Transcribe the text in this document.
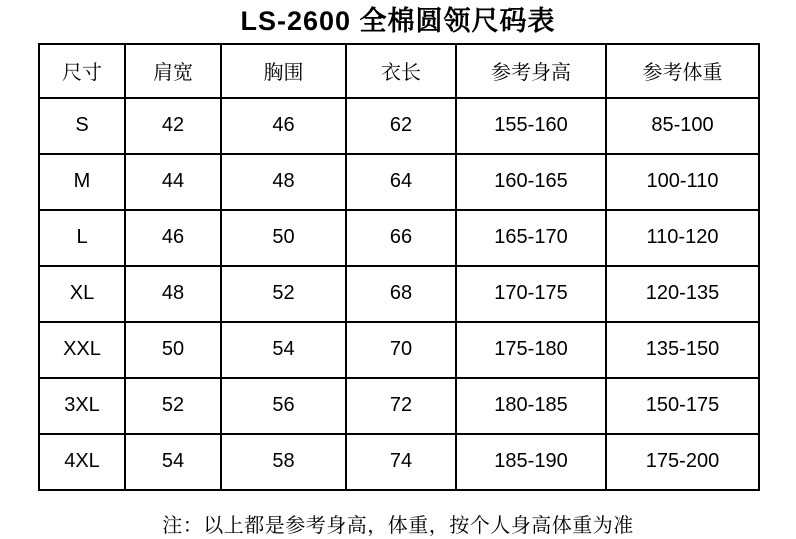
LS-2600 全棉圆领尺码表
尺寸	肩宽	胸围	衣长	参考身高	参考体重
S	42	46	62	155-160	85-100
M	44	48	64	160-165	100-110
L	46	50	66	165-170	110-120
XL	48	52	68	170-175	120-135
XXL	50	54	70	175-180	135-150
3XL	52	56	72	180-185	150-175
4XL	54	58	74	185-190	175-200
注：以上都是参考身高，体重，按个人身高体重为准
